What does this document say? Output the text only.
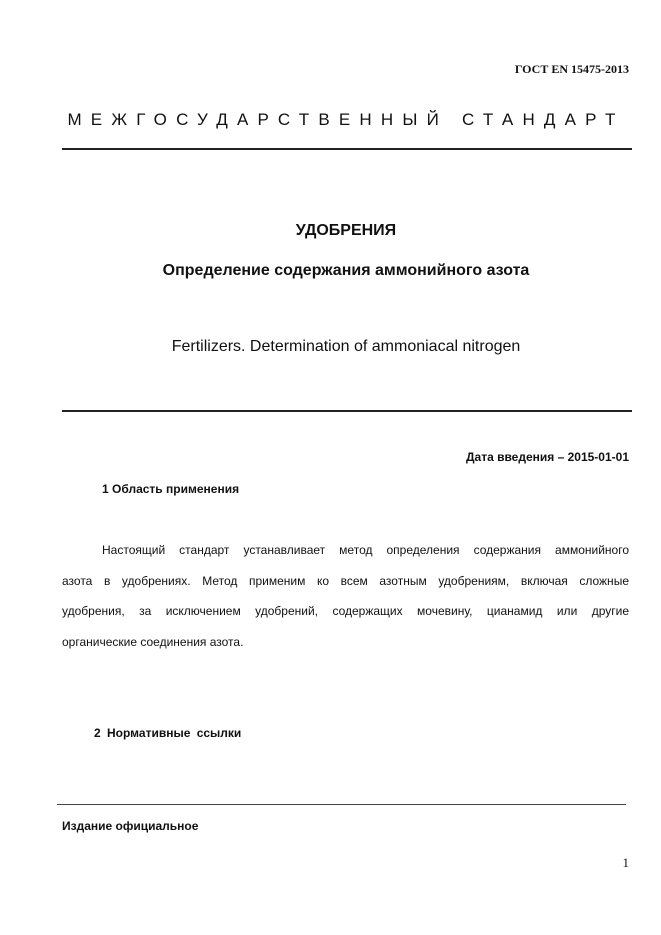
ГОСТ EN 15475-2013
МЕЖГОСУДАРСТВЕННЫЙ СТАНДАРТ
УДОБРЕНИЯ
Определение содержания аммонийного азота
Fertilizers. Determination of ammoniacal nitrogen
Дата введения – 2015-01-01
1 Область применения
Настоящий стандарт устанавливает метод определения содержания аммонийного
азота в удобрениях. Метод применим ко всем азотным удобрениям, включая сложные
удобрения, за исключением удобрений, содержащих мочевину, цианамид или другие
органические соединения азота.
2 Нормативные ссылки
Издание официальное
1
